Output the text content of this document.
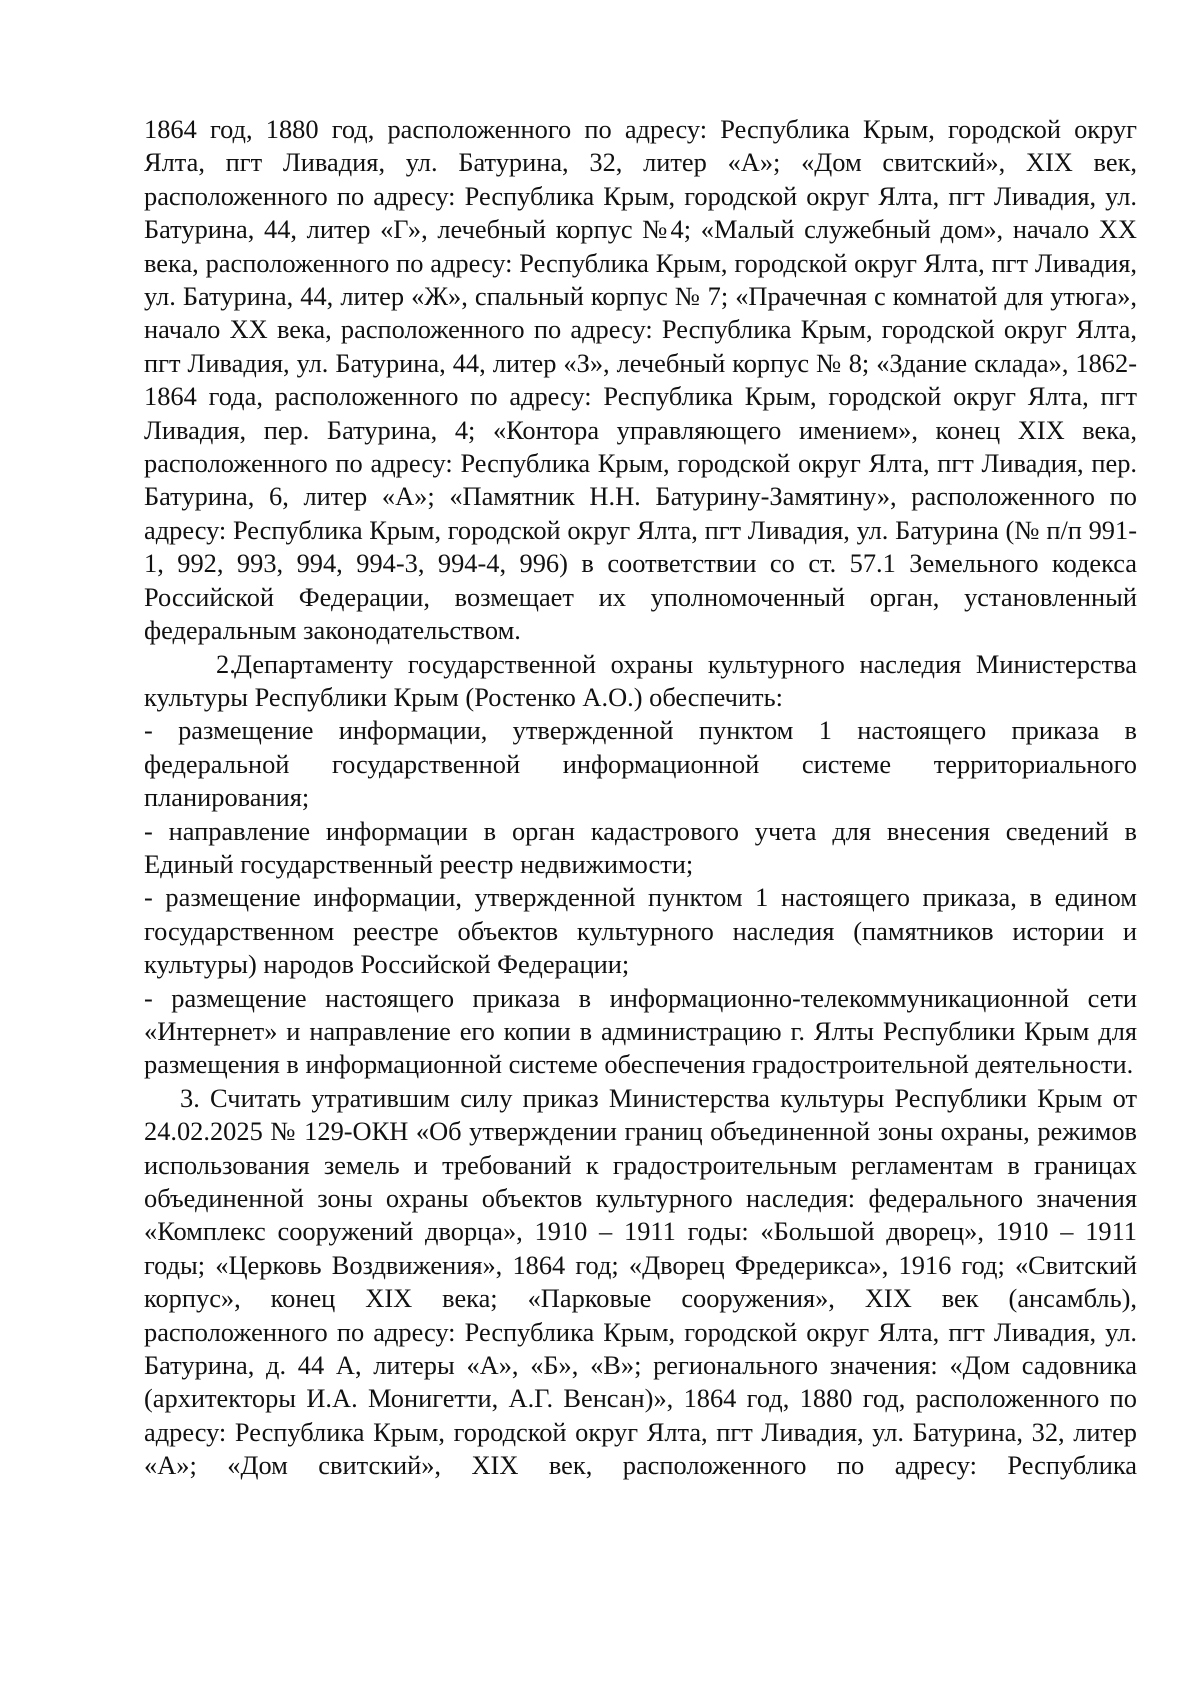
1864 год, 1880 год, расположенного по адресу: Республика Крым, городской округ Ялта, пгт Ливадия, ул. Батурина, 32, литер «А»; «Дом свитский», XIX век, расположенного по адресу: Республика Крым, городской округ Ялта, пгт Ливадия, ул. Батурина, 44, литер «Г», лечебный корпус №4; «Малый служебный дом», начало XX века, расположенного по адресу: Республика Крым, городской округ Ялта, пгт Ливадия, ул. Батурина, 44, литер «Ж», спальный корпус № 7; «Прачечная с комнатой для утюга», начало XX века, расположенного по адресу: Республика Крым, городской округ Ялта, пгт Ливадия, ул. Батурина, 44, литер «З», лечебный корпус № 8; «Здание склада», 1862-1864 года, расположенного по адресу: Республика Крым, городской округ Ялта, пгт Ливадия, пер. Батурина, 4; «Контора управляющего имением», конец XIX века, расположенного по адресу: Республика Крым, городской округ Ялта, пгт Ливадия, пер. Батурина, 6, литер «А»; «Памятник Н.Н. Батурину-Замятину», расположенного по адресу: Республика Крым, городской округ Ялта, пгт Ливадия, ул. Батурина (№ п/п 991-1, 992, 993, 994, 994-3, 994-4, 996) в соответствии со ст. 57.1 Земельного кодекса Российской Федерации, возмещает их уполномоченный орган, установленный федеральным законодательством.

2.Департаменту государственной охраны культурного наследия Министерства культуры Республики Крым (Ростенко А.О.) обеспечить:

- размещение информации, утвержденной пунктом 1 настоящего приказа в федеральной государственной информационной системе территориального планирования;

- направление информации в орган кадастрового учета для внесения сведений в Единый государственный реестр недвижимости;

- размещение информации, утвержденной пунктом 1 настоящего приказа, в едином государственном реестре объектов культурного наследия (памятников истории и культуры) народов Российской Федерации;

- размещение настоящего приказа в информационно-телекоммуникационной сети «Интернет» и направление его копии в администрацию г. Ялты Республики Крым для размещения в информационной системе обеспечения градостроительной деятельности.

3. Считать утратившим силу приказ Министерства культуры Республики Крым от 24.02.2025 № 129-ОКН «Об утверждении границ объединенной зоны охраны, режимов использования земель и требований к градостроительным регламентам в границах объединенной зоны охраны объектов культурного наследия: федерального значения «Комплекс сооружений дворца», 1910 – 1911 годы: «Большой дворец», 1910 – 1911 годы; «Церковь Воздвижения», 1864 год; «Дворец Фредерикса», 1916 год; «Свитский корпус», конец XIX века; «Парковые сооружения», XIX век (ансамбль), расположенного по адресу: Республика Крым, городской округ Ялта, пгт Ливадия, ул. Батурина, д. 44 А, литеры «А», «Б», «В»; регионального значения: «Дом садовника (архитекторы И.А. Монигетти, А.Г. Венсан)», 1864 год, 1880 год, расположенного по адресу: Республика Крым, городской округ Ялта, пгт Ливадия, ул. Батурина, 32, литер «А»; «Дом свитский», XIX век, расположенного по адресу: Республика
